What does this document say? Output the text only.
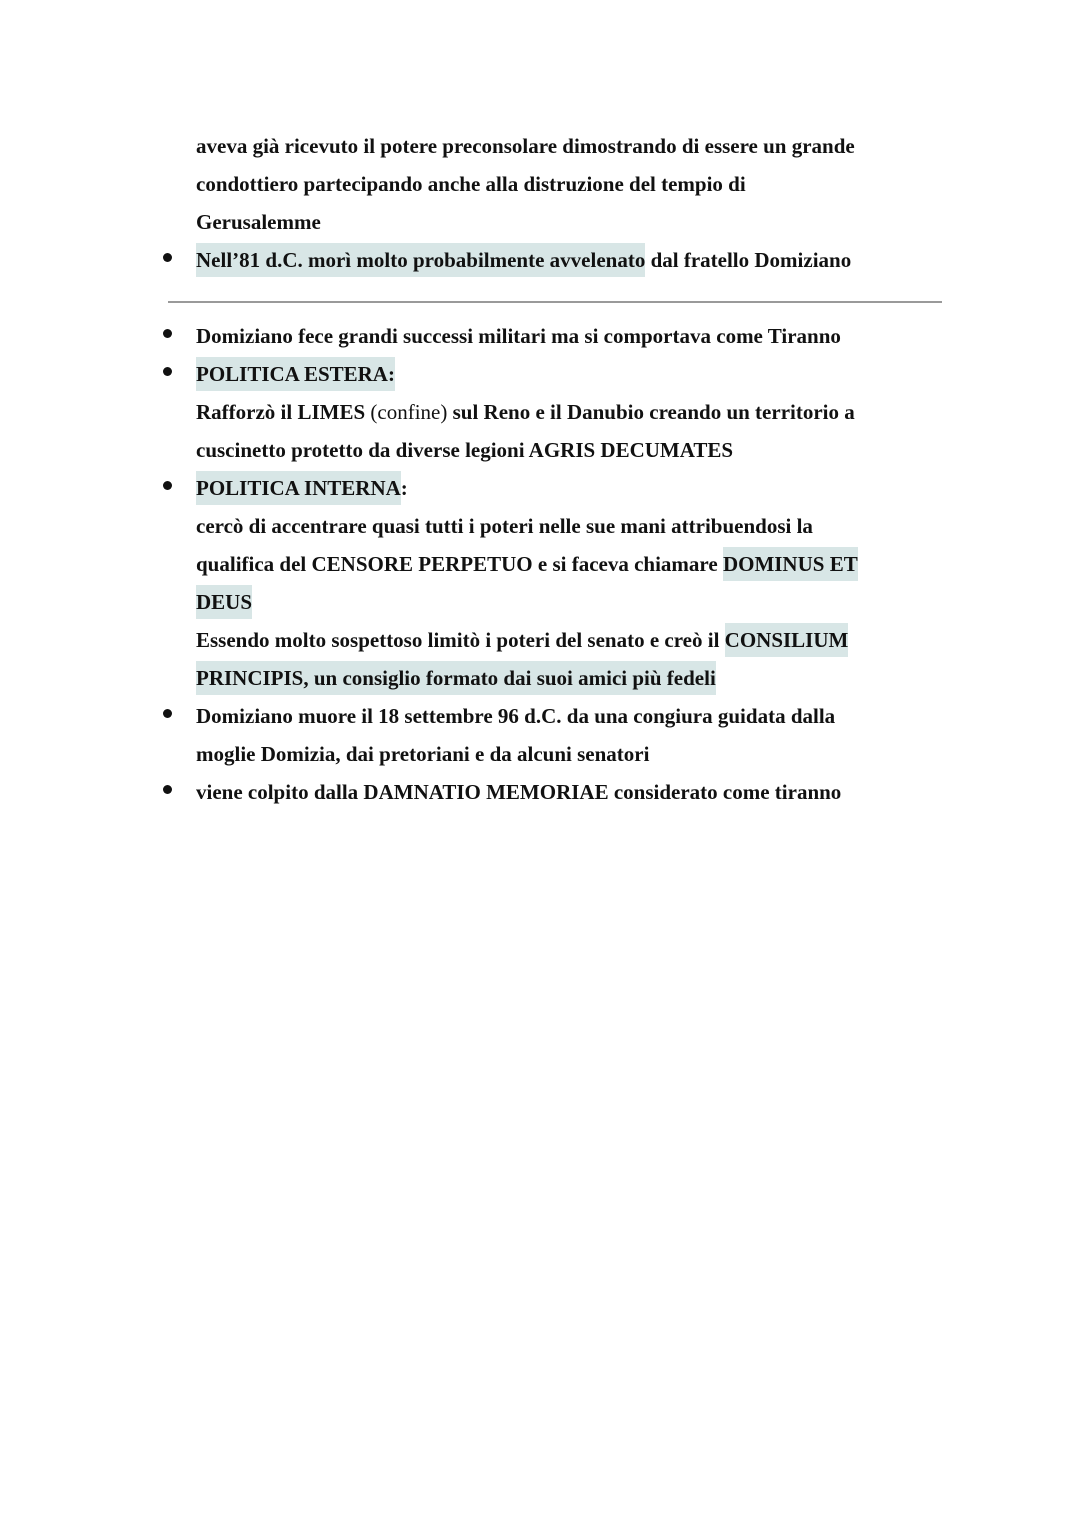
aveva già ricevuto il potere preconsolare dimostrando di essere un grande
condottiero partecipando anche alla distruzione del tempio di
Gerusalemme
Nell’81 d.C. morì molto probabilmente avvelenato dal fratello Domiziano
Domiziano fece grandi successi militari ma si comportava come Tiranno
POLITICA ESTERA:
Rafforzò il LIMES (confine) sul Reno e il Danubio creando un territorio a
cuscinetto protetto da diverse legioni AGRIS DECUMATES
POLITICA INTERNA:
cercò di accentrare quasi tutti i poteri nelle sue mani attribuendosi la
qualifica del CENSORE PERPETUO e si faceva chiamare DOMINUS ET
DEUS
Essendo molto sospettoso limitò i poteri del senato e creò il CONSILIUM
PRINCIPIS, un consiglio formato dai suoi amici più fedeli
Domiziano muore il 18 settembre 96 d.C. da una congiura guidata dalla
moglie Domizia, dai pretoriani e da alcuni senatori
viene colpito dalla DAMNATIO MEMORIAE considerato come tiranno
